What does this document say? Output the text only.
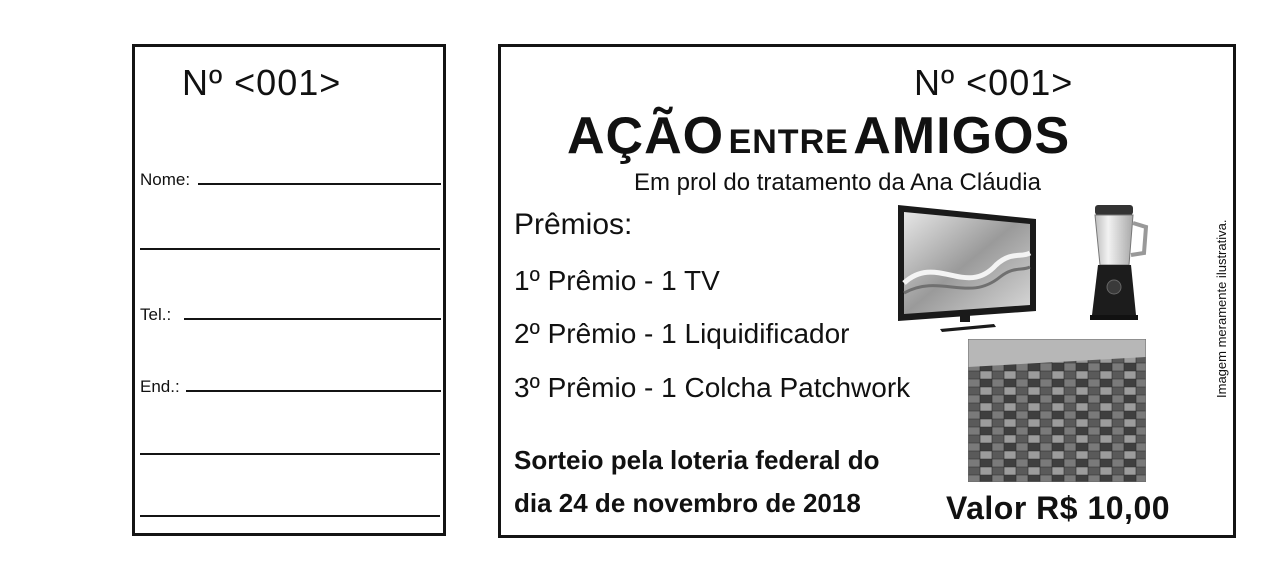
Nº <001>
Nome:
Tel.:
End.:
Nº <001>
AÇÃO ENTRE AMIGOS
Em prol do tratamento da Ana Cláudia
Prêmios:
1º Prêmio - 1 TV
2º Prêmio - 1 Liquidificador
3º Prêmio - 1 Colcha Patchwork
Sorteio pela loteria federal do
dia 24 de novembro de 2018	Valor R$ 10,00
Imagem meramente ilustrativa.
